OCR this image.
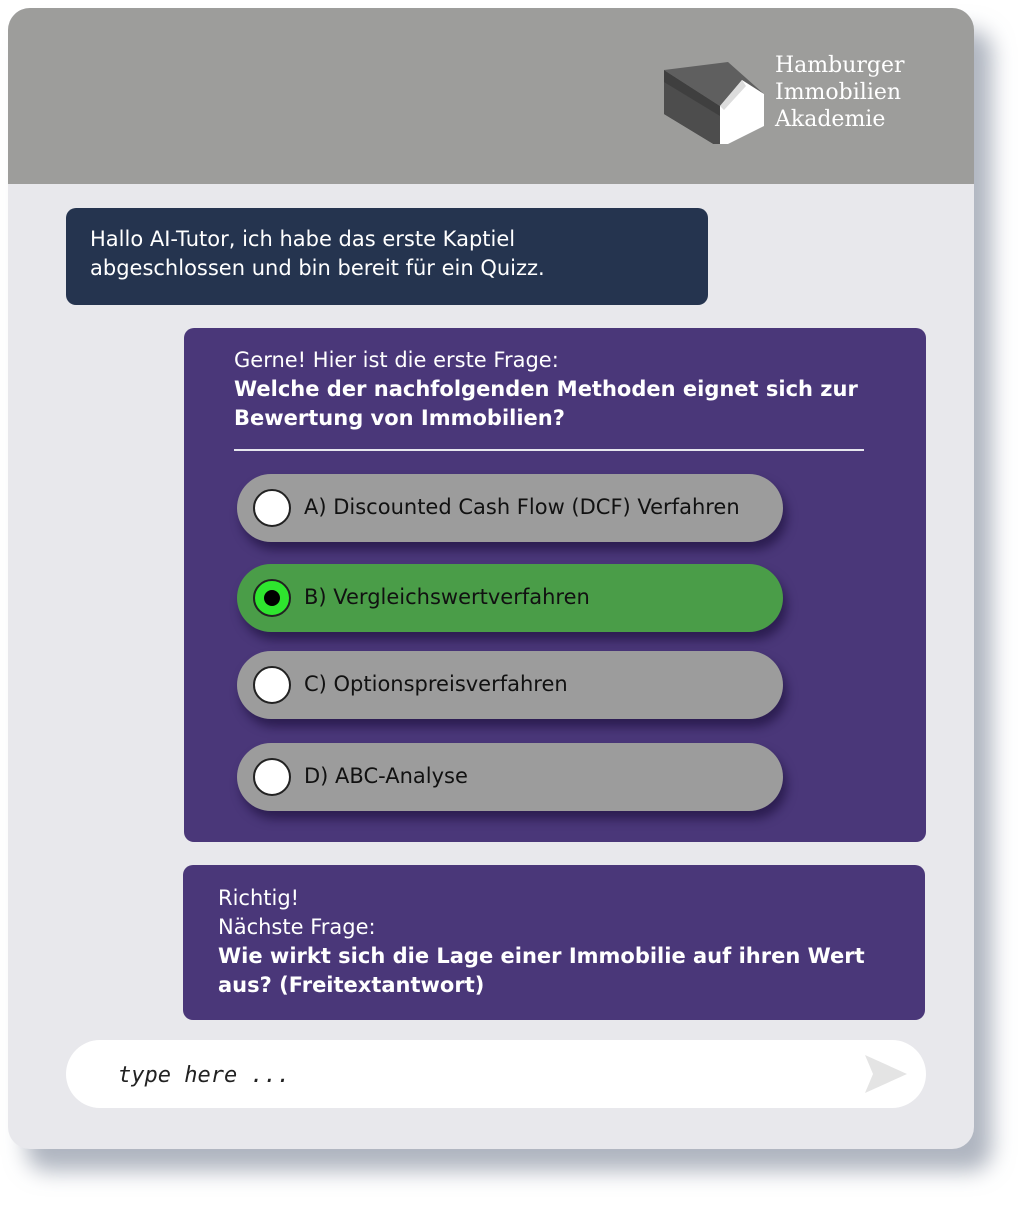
Hamburger
Immobilien
Akademie
Hallo AI-Tutor, ich habe das erste Kaptiel
abgeschlossen und bin bereit für ein Quizz.
Gerne! Hier ist die erste Frage:
Welche der nachfolgenden Methoden eignet sich zur
Bewertung von Immobilien?
A) Discounted Cash Flow (DCF) Verfahren
B) Vergleichswertverfahren
C) Optionspreisverfahren
D) ABC-Analyse
Richtig!
Nächste Frage:
Wie wirkt sich die Lage einer Immobilie auf ihren Wert
aus? (Freitextantwort)
type here ...
